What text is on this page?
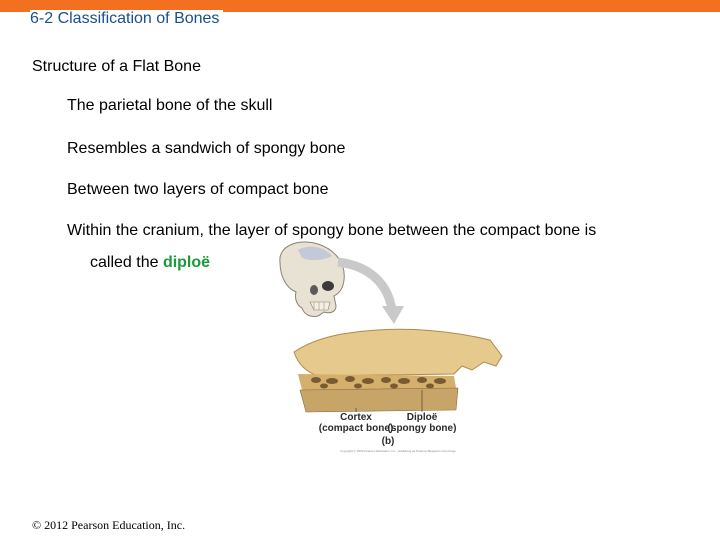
6-2 Classification of Bones
Structure of a Flat Bone
The parietal bone of the skull
Resembles a sandwich of spongy bone
Between two layers of compact bone
Within the cranium, the layer of spongy bone between the compact bone is
called the diploë
Cortex
(compact bone)
Diploë
(spongy bone)
(b)
Copyright © 2009 Pearson Education, Inc., publishing as Pearson Benjamin Cummings.
© 2012 Pearson Education, Inc.
